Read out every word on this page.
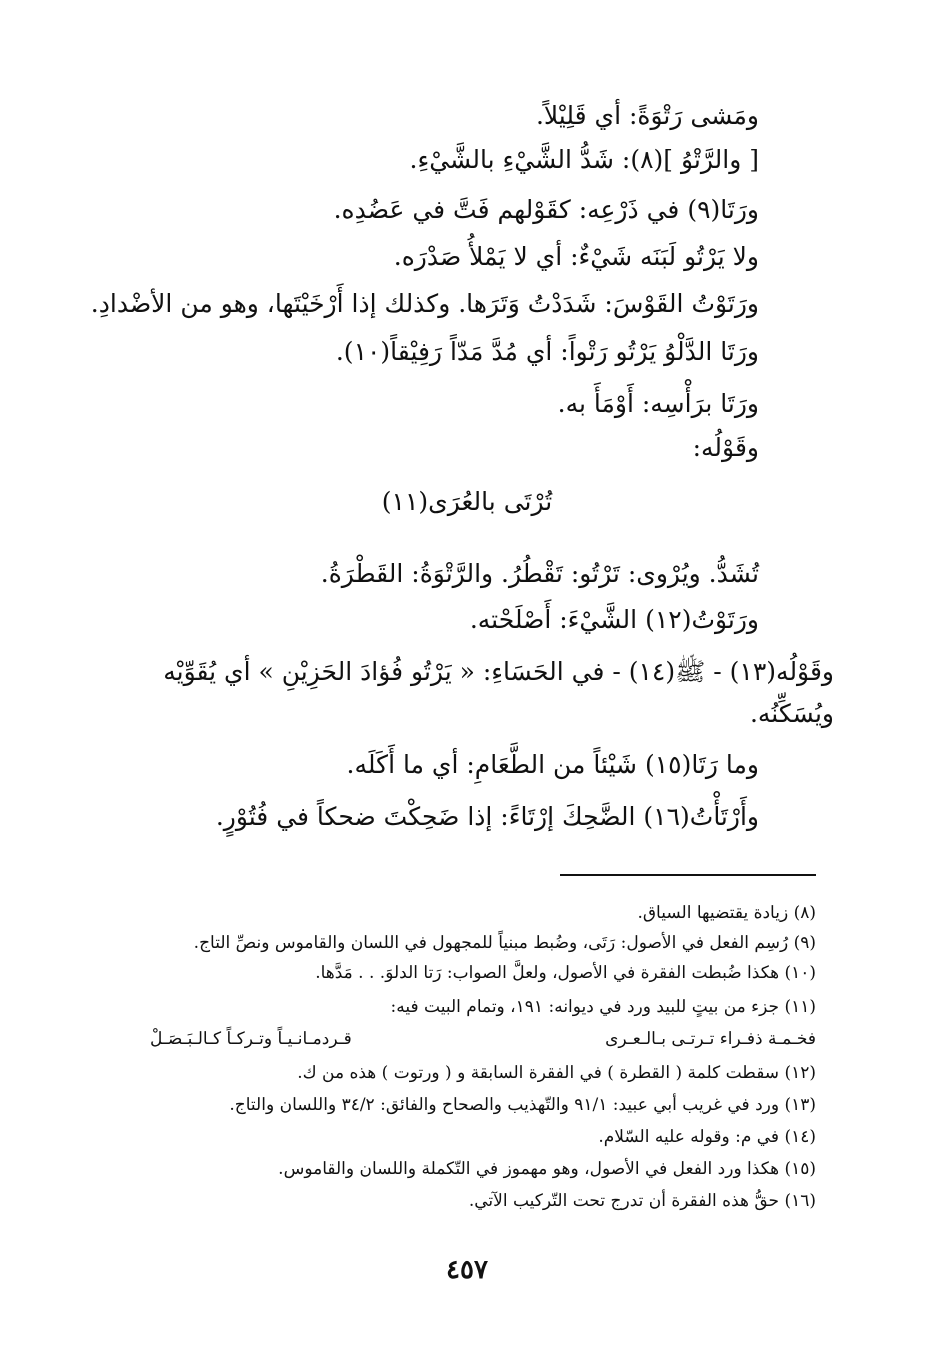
ومَشى رَتْوَةً: أي قَلِيْلاً.
[ والرَّتْوُ ](٨): شَدُّ الشَّيْءِ بالشَّيْءِ.
ورَتَا(٩) في ذَرْعِه: كقَوْلهم فَتَّ في عَضُدِه.
ولا يَرْتُو لَبَنَه شَيْءٌ: أي لا يَمْلأُ صَدْرَه.
ورَتَوْتُ القَوْسَ: شَدَدْتُ وَتَرَها. وكذلك إذا أَرْخَيْتَها، وهو من الأضْدادِ.
ورَتَا الدَّلْوُ يَرْتُو رَتْواً: أي مُدَّ مَدّاً رَفِيْقاً(١٠).
ورَتَا برَأْسِه: أَوْمَأَ به.
وقَوْلُه:
تُرْتَى بالعُرَى(١١)
تُشَدُّ. ويُرْوى: تَرْتُو: تَقْطُرُ. والرَّتْوَةُ: القَطْرَةُ.
ورَتَوْتُ(١٢) الشَّيْءَ: أَصْلَحْته.
وقَوْلُه(١٣) - ﷺ(١٤) - في الحَسَاءِ: « يَرْتُو فُؤادَ الحَزِيْنِ » أي يُقَوِّيْه
ويُسَكِّنُه.
وما رَتَا(١٥) شَيْئاً من الطَّعَامِ: أي ما أَكَلَه.
وأَرْتَأْتُ(١٦) الضَّحِكَ إرْتَاءً: إذا ضَحِكْتَ ضحكاً في فُتُوْرٍ.
(٨) زيادة يقتضيها السياق.
(٩) رُسِم الفعل في الأصول: رَتَى، وضُبط مبنياً للمجهول في اللسان والقاموس ونصِّ التاج.
(١٠) هكذا ضُبطت الفقرة في الأصول، ولعلَّ الصواب: رَتا الدلوَ. . . مَدَّها.
(١١) جزء من بيتٍ للبيد ورد في ديوانه: ١٩١، وتمام البيت فيه:
فخـمـة ذفـراء تـرتـى بـالـعـرى
قـردمـانـيـاً وتـركـاً كـالـبَـصَـلْ
(١٢) سقطت كلمة ( القطرة ) في الفقرة السابقة و ( ورتوت ) هذه من ك.
(١٣) ورد في غريب أبي عبيد: ٩١/١ والتّهذيب والصحاح والفائق: ٣٤/٢ واللسان والتاج.
(١٤) في م: وقوله عليه السّلام.
(١٥) هكذا ورد الفعل في الأصول، وهو مهموز في التّكملة واللسان والقاموس.
(١٦) حقُّ هذه الفقرة أن تدرج تحت التّركيب الآتي.
٤٥٧
